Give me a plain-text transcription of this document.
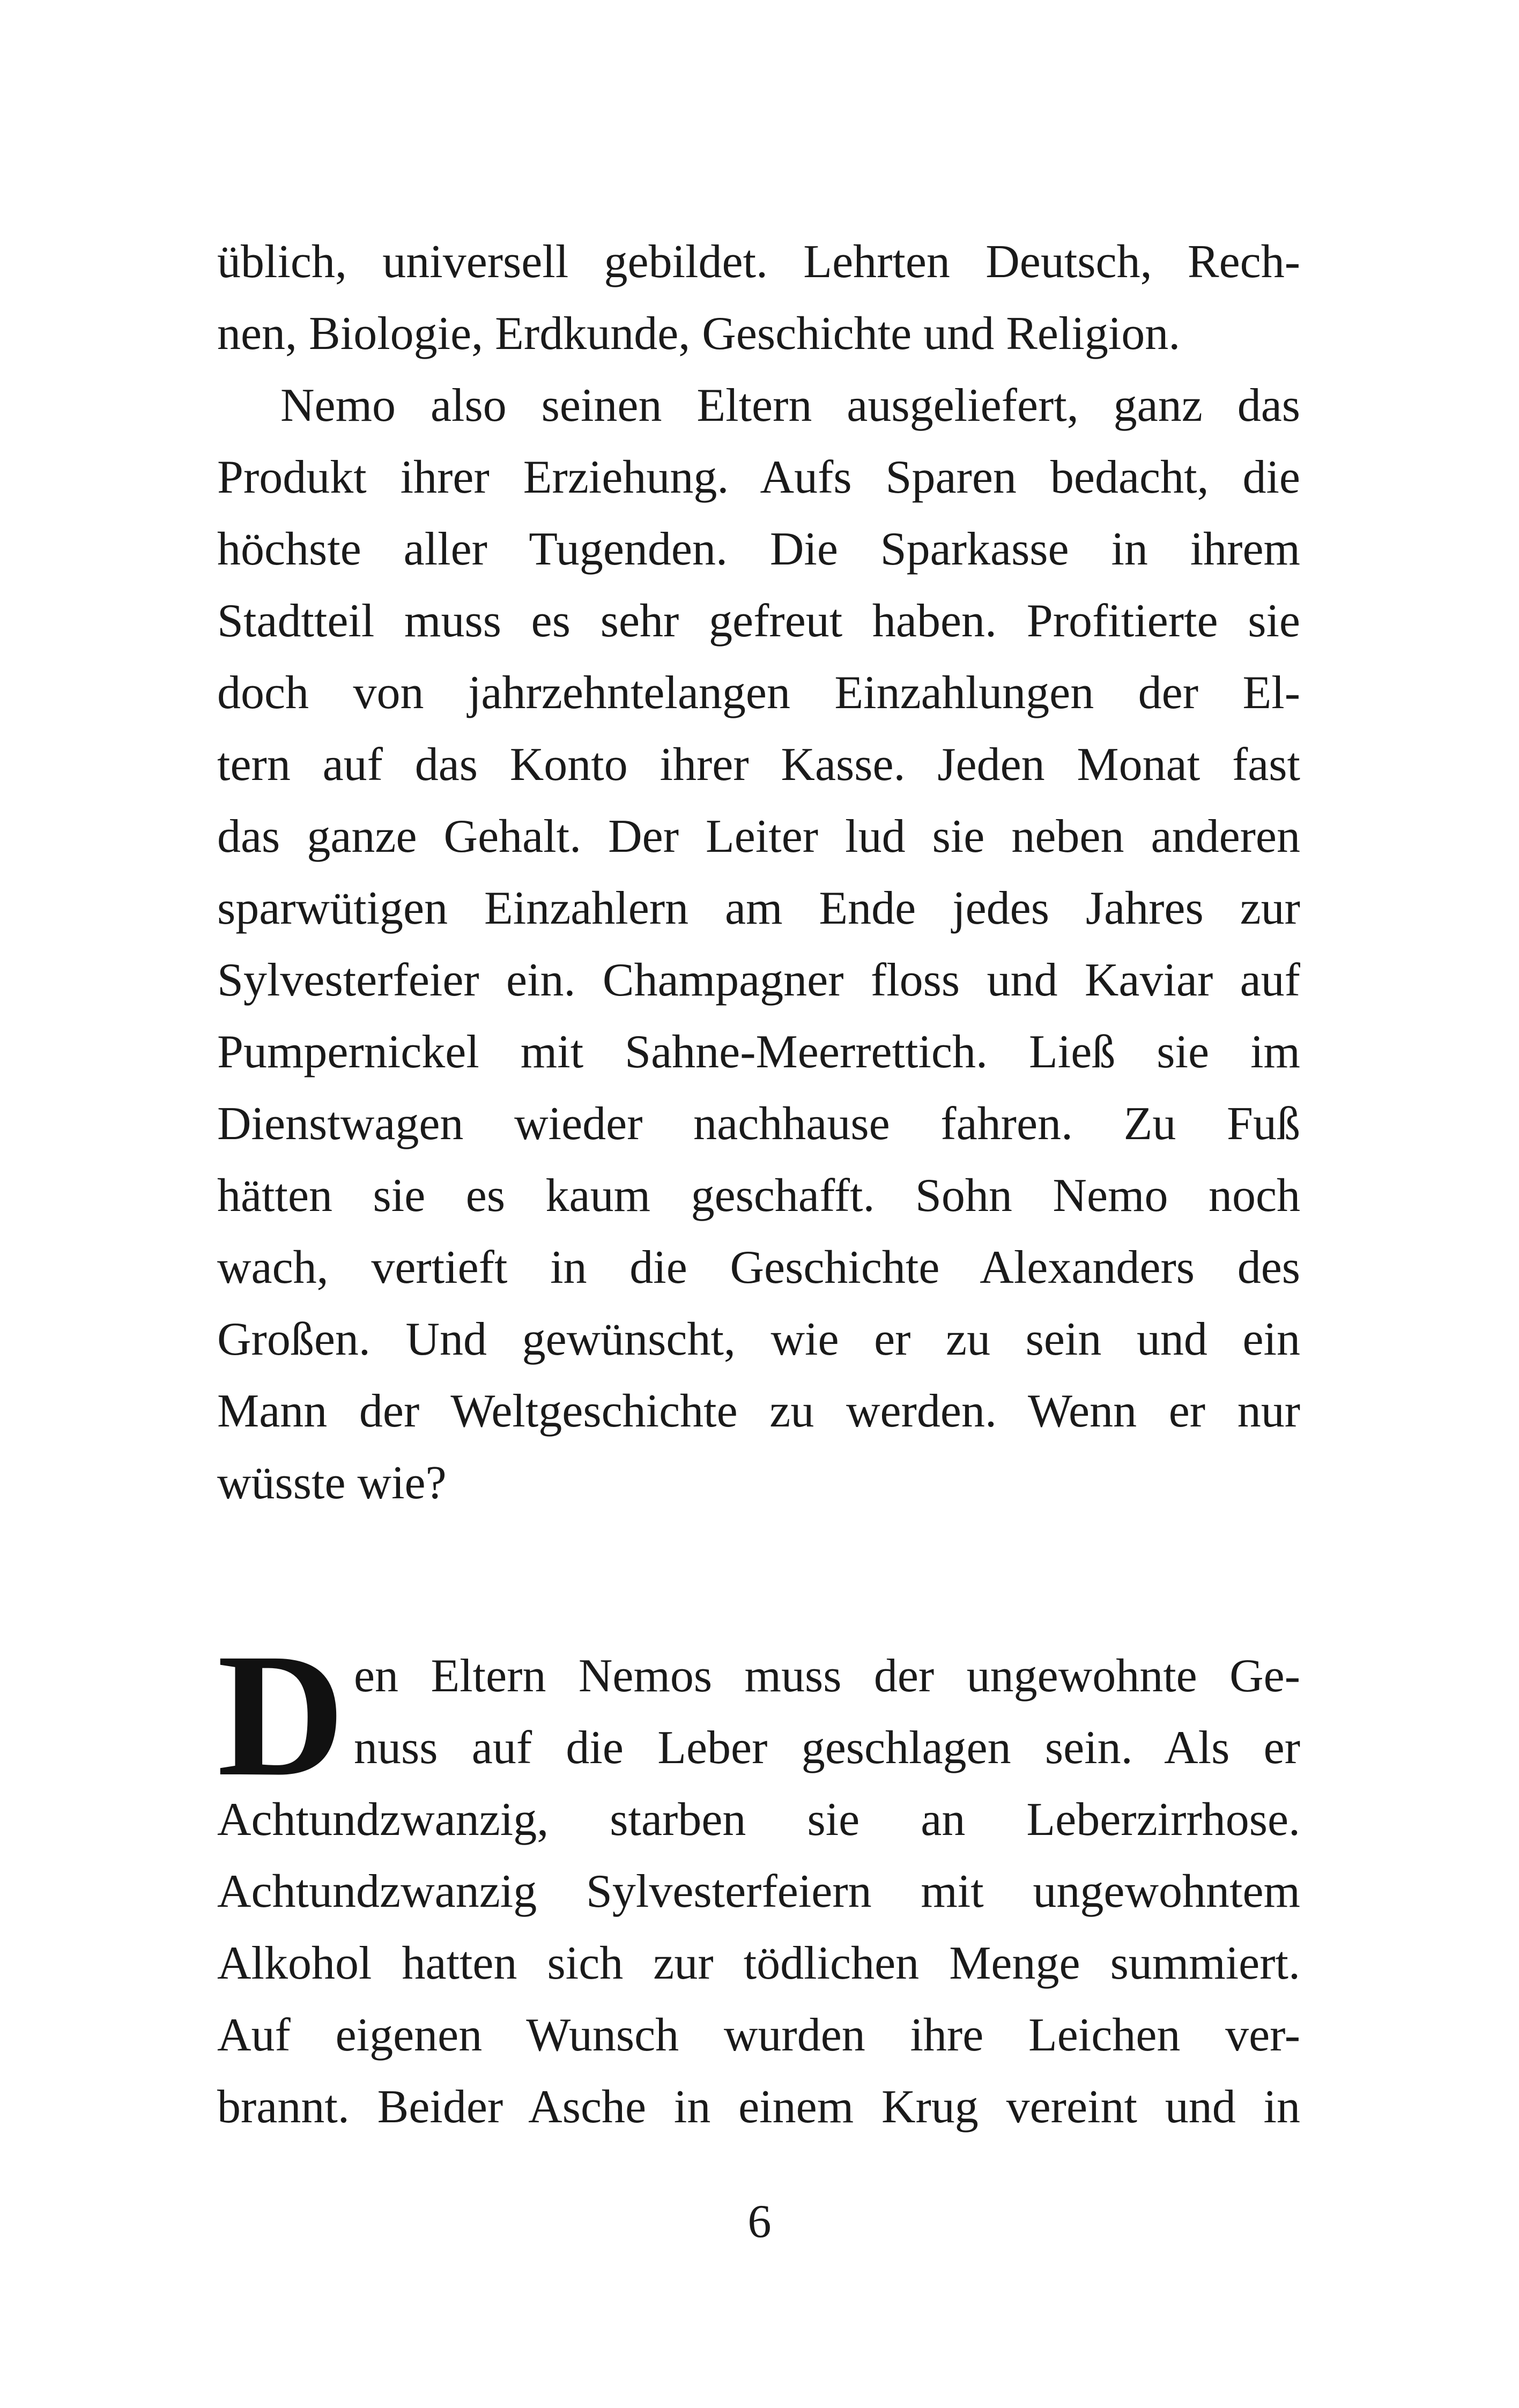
üblich, universell gebildet. Lehrten Deutsch, Rech-
nen, Biologie, Erdkunde, Geschichte und Religion.
Nemo also seinen Eltern ausgeliefert, ganz das
Produkt ihrer Erziehung. Aufs Sparen bedacht, die
höchste aller Tugenden. Die Sparkasse in ihrem
Stadtteil muss es sehr gefreut haben. Profitierte sie
doch von jahrzehntelangen Einzahlungen der El-
tern auf das Konto ihrer Kasse. Jeden Monat fast
das ganze Gehalt. Der Leiter lud sie neben anderen
sparwütigen Einzahlern am Ende jedes Jahres zur
Sylvesterfeier ein. Champagner floss und Kaviar auf
Pumpernickel mit Sahne-Meerrettich. Ließ sie im
Dienstwagen wieder nachhause fahren. Zu Fuß
hätten sie es kaum geschafft. Sohn Nemo noch
wach, vertieft in die Geschichte Alexanders des
Großen. Und gewünscht, wie er zu sein und ein
Mann der Weltgeschichte zu werden. Wenn er nur
wüsste wie?
D en Eltern Nemos muss der ungewohnte Ge-
nuss auf die Leber geschlagen sein. Als er
Achtundzwanzig, starben sie an Leberzirrhose.
Achtundzwanzig Sylvesterfeiern mit ungewohntem
Alkohol hatten sich zur tödlichen Menge summiert.
Auf eigenen Wunsch wurden ihre Leichen ver-
brannt. Beider Asche in einem Krug vereint und in
6
